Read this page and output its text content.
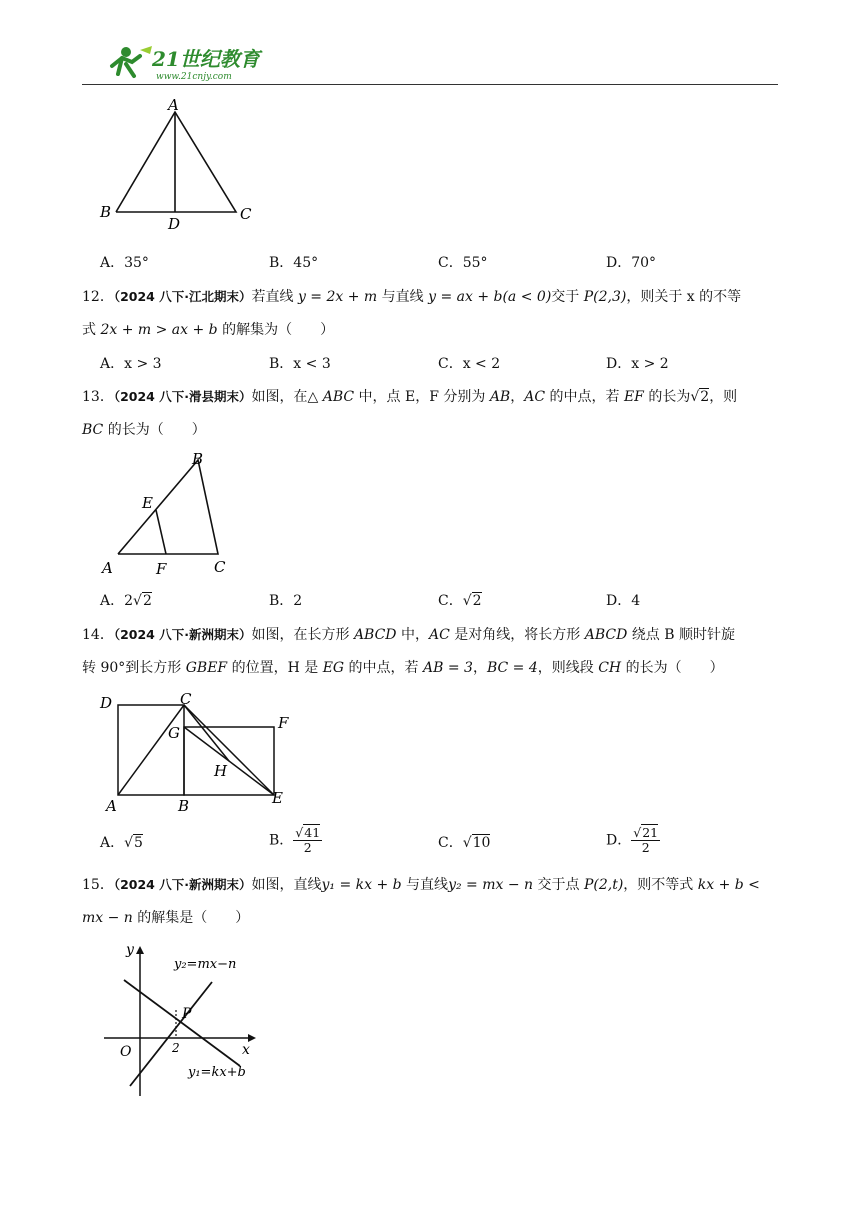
21世纪教育
www.21cnjy.com
A
B	C
D
A．35°	B．45°	C．55°	D．70°
12．（2024 八下·江北期末）若直线 y = 2x + m 与直线 y = ax + b(a < 0)交于 P(2,3)，则关于 x 的不等
式 2x + m > ax + b 的解集为（　　）
A．x > 3	B．x < 3	C．x < 2	D．x > 2
13．（2024 八下·滑县期末）如图，在△ ABC 中，点 E，F 分别为 AB，AC 的中点，若 EF 的长为√2，则
BC 的长为（　　）
B
E
A	F	C
A．2√2	B．2	C．√2	D．4
14．（2024 八下·新洲期末）如图，在长方形 ABCD 中，AC 是对角线，将长方形 ABCD 绕点 B 顺时针旋
转 90°到长方形 GBEF 的位置，H 是 EG 的中点，若 AB = 3，BC = 4，则线段 CH 的长为（　　）
D	C
G
F
H
A	B	E
A．√5	B． $\frac{√41}{2}$	C．√10	D． $\frac{√21}{2}$
15．（2024 八下·新洲期末）如图，直线y₁ = kx + b 与直线y₂ = mx − n 交于点 P(2,t)，则不等式 kx + b <
mx − n 的解集是（　　）
y
x
O
P
2
y₂=mx−n
y₁=kx+b
